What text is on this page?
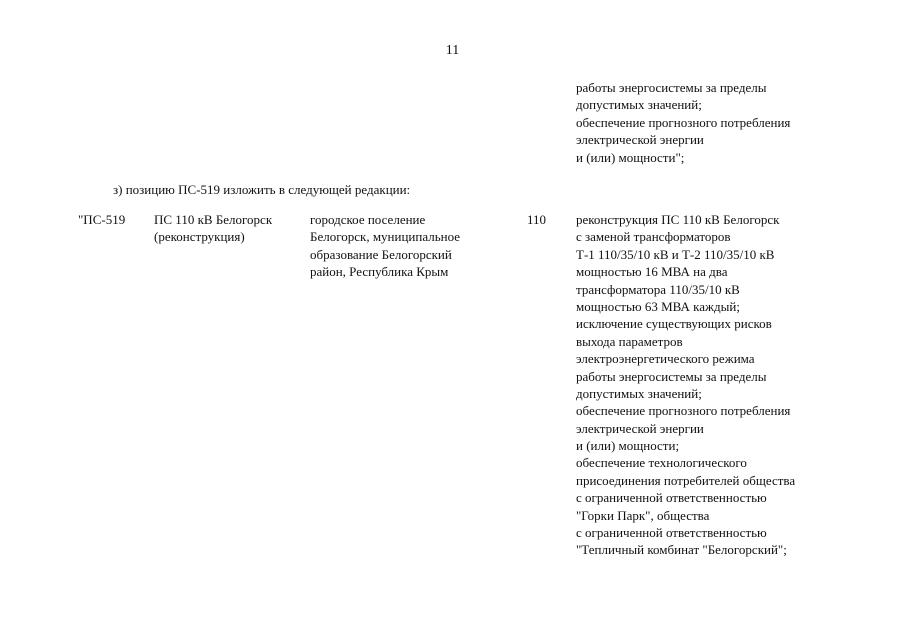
11
работы энергосистемы за пределы
допустимых значений;
обеспечение прогнозного потребления
электрической энергии
и (или) мощности";
з) позицию ПС-519 изложить в следующей редакции:
"ПС-519 ПС 110 кВ Белогорск
(реконструкция)
городское поселение
Белогорск, муниципальное
образование Белогорский
район, Республика Крым
110 реконструкция ПС 110 кВ Белогорск
с заменой трансформаторов
Т-1 110/35/10 кВ и Т-2 110/35/10 кВ
мощностью 16 МВА на два
трансформатора 110/35/10 кВ
мощностью 63 МВА каждый;
исключение существующих рисков
выхода параметров
электроэнергетического режима
работы энергосистемы за пределы
допустимых значений;
обеспечение прогнозного потребления
электрической энергии
и (или) мощности;
обеспечение технологического
присоединения потребителей общества
с ограниченной ответственностью
"Горки Парк", общества
с ограниченной ответственностью
"Тепличный комбинат "Белогорский";
